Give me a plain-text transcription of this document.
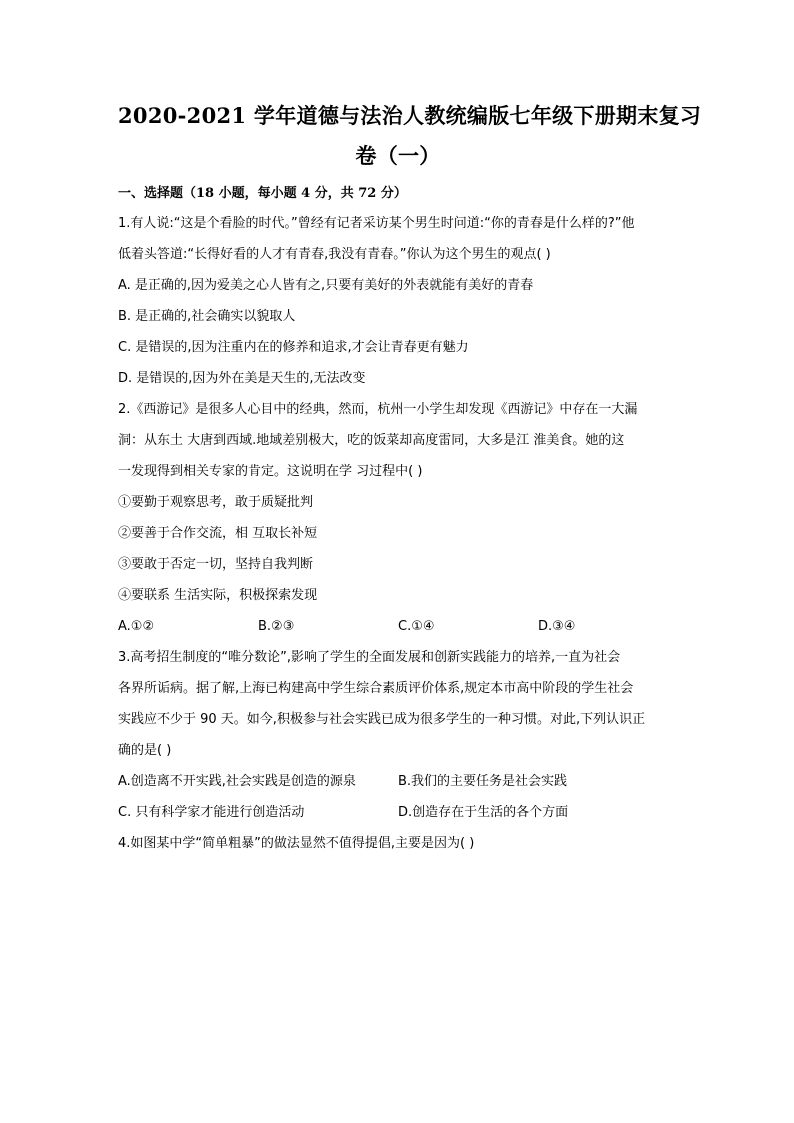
2020-2021 学年道德与法治人教统编版七年级下册期末复习
卷（一）
一、选择题（18 小题，每小题 4 分，共 72 分）
1.有人说:“这是个看脸的时代。”曾经有记者采访某个男生时问道:“你的青春是什么样的?”他
低着头答道:“长得好看的人才有青春,我没有青春。”你认为这个男生的观点( )
A. 是正确的,因为爱美之心人皆有之,只要有美好的外表就能有美好的青春
B. 是正确的,社会确实以貌取人
C. 是错误的,因为注重内在的修养和追求,才会让青春更有魅力
D. 是错误的,因为外在美是天生的,无法改变
2.《西游记》是很多人心目中的经典，然而，杭州一小学生却发现《西游记》中存在一大漏
洞：从东土 大唐到西域.地域差别极大，吃的饭菜却高度雷同，大多是江 淮美食。她的这
一发现得到相关专家的肯定。这说明在学 习过程中( )
①要勤于观察思考，敢于质疑批判
②要善于合作交流，相 互取长补短
③要敢于否定一切，坚持自我判断
④要联系 生活实际，积极探索发现
A.①②	B.②③	C.①④	D.③④
3.高考招生制度的“唯分数论”,影响了学生的全面发展和创新实践能力的培养,一直为社会
各界所诟病。据了解,上海已构建高中学生综合素质评价体系,规定本市高中阶段的学生社会
实践应不少于 90 天。如今,积极参与社会实践已成为很多学生的一种习惯。对此,下列认识正
确的是( )
A.创造离不开实践,社会实践是创造的源泉	B.我们的主要任务是社会实践
C. 只有科学家才能进行创造活动	D.创造存在于生活的各个方面
4.如图某中学“简单粗暴”的做法显然不值得提倡,主要是因为( )
